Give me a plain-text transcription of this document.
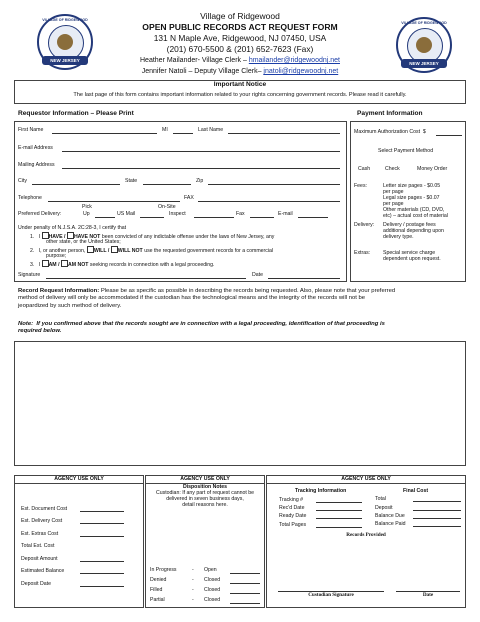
VILLAGE OF RIDGEWOOD
NEW JERSEY
VILLAGE OF RIDGEWOOD
NEW JERSEY
Village of Ridgewood
OPEN PUBLIC RECORDS ACT REQUEST FORM
131 N Maple Ave, Ridgewood, NJ 07450, USA
(201) 670-5500 & (201) 652-7623 (Fax)
Heather Mailander- Village Clerk – hmailander@ridgewoodnj.net
Jennifer Natoli – Deputy Village Clerk– jnatoli@ridgewoodnj.net
Important Notice
The last page of this form contains important information related to your rights concerning government records. Please read it carefully.
Requestor Information – Please Print	Payment Information
First Name	MI	Last Name
E-mail Address
Mailing Address
City	State	Zip
Telephone	FAX
Pick	On-Site
Preferred Delivery:	Up	US Mail	Inspect	Fax	E-mail
Under penalty of N.J.S.A. 2C:28-3, I certify that
1. I HAVE / HAVE NOT been convicted of any indictable offense under the laws of New Jersey, any
other state, or the United States;
2. I, or another person, WILL / WILL NOT use the requested government records for a commercial
purpose;
3. I AM / AM NOT seeking records in connection with a legal proceeding.
Signature	Date
Maximum Authorization Cost $
Select Payment Method
Cash	Check	Money Order
Fees:	Letter size pages - $0.05
per page
Legal size pages - $0.07
per page
Other materials (CD, DVD,
etc) – actual cost of material
Delivery: Delivery / postage fees
additional depending upon
delivery type.
Extras: Special service charge
dependent upon request.
Record Request Information: Please be as specific as possible in describing the records being requested. Also, please note that your preferred
method of delivery will only be accommodated if the custodian has the technological means and the integrity of the records will not be
jeopardized by such method of delivery.
Note: If you confirmed above that the records sought are in connection with a legal proceeding, identification of that proceeding is
required below.
AGENCY USE ONLY	AGENCY USE ONLY	AGENCY USE ONLY
Est. Document Cost
Est. Delivery Cost
Est. Extras Cost
Total Est. Cost
Deposit Amount
Estimated Balance
Deposit Date
Disposition Notes
Custodian: If any part of request cannot be
delivered in seven business days,
detail reasons here.
In Progress	- Open
Denied	- Closed
Filled	- Closed
Partial	- Closed
Tracking Information	Final Cost
Tracking #
Rec'd Date
Ready Date
Total Pages
Total
Deposit
Balance Due
Balance Paid
Records Provided
Custodian Signature	Date
